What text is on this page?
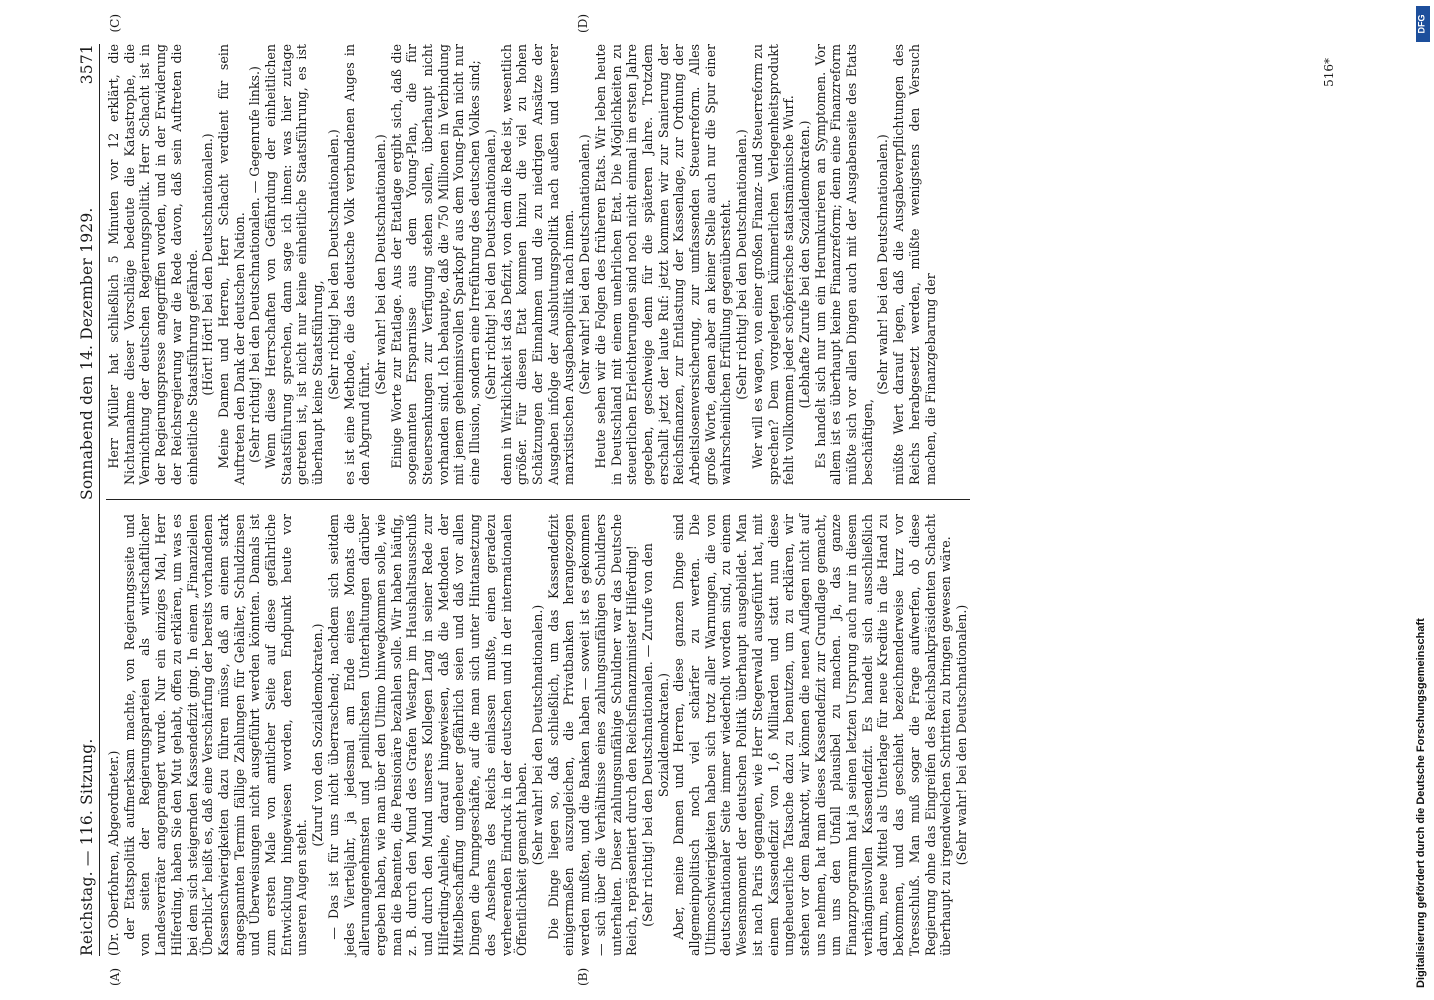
Reichstag. — 116. Sitzung.
Sonnabend den 14. Dezember 1929.
3571

(Dr. Oberfohren, Abgeordneter.) der Etatspolitik aufmerksam machte, von Regierungsseite und von seiten der Regierungsparteien als wirtschaftlicher Landesverräter angeprangert wurde. Nur ein einziges Mal, Herr Hilferding, haben Sie den Mut gehabt, offen zu erklären, um was es bei dem sich steigernden Kassendefizit ging. In einem „Finanziellen Überblick“ heißt es, daß eine Verschärfung der bereits vorhandenen Kassenschwierigkeiten dazu führen müsse, daß an einem stark angespannten Termin fällige Zahlungen für Gehälter, Schuldzinsen und Überweisungen nicht ausgeführt werden könnten. Damals ist zum ersten Male von amtlicher Seite auf diese gefährliche Entwicklung hingewiesen worden, deren Endpunkt heute vor unseren Augen steht.

(Zuruf von den Sozialdemokraten.) — Das ist für uns nicht überraschend; nachdem sich seitdem jedes Vierteljahr, ja jedesmal am Ende eines Monats die allerunangenehmsten und peinlichsten Unterhaltungen darüber ergeben haben, wie man über den Ultimo hinwegkommen solle, wie man die Beamten, die Pensionäre bezahlen solle. Wir haben häufig, z. B. durch den Mund des Grafen Westarp im Haushaltsausschuß und durch den Mund unseres Kollegen Lang in seiner Rede zur Hilferding-Anleihe, darauf hingewiesen, daß die Methoden der Mittelbeschaffung ungeheuer gefährlich seien und daß vor allen Dingen die Pumpgeschäfte, auf die man sich unter Hintansetzung des Ansehens des Reichs einlassen mußte, einen geradezu verheerenden Eindruck in der deutschen und in der internationalen Öffentlichkeit gemacht haben. (Sehr wahr! bei den Deutschnationalen.) Die Dinge liegen so, daß schließlich, um das Kassendefizit einigermaßen auszugleichen, die Privatbanken herangezogen werden mußten, und die Banken haben — soweit ist es gekommen — sich über die Verhältnisse eines zahlungsunfähigen Schuldners unterhalten. Dieser zahlungsunfähige Schuldner war das Deutsche Reich, repräsentiert durch den Reichsfinanzminister Hilferding! (Sehr richtig! bei den Deutschnationalen. — Zurufe von den Sozialdemokraten.) Aber, meine Damen und Herren, diese ganzen Dinge sind allgemeinpolitisch noch viel schärfer zu werten. Die Ultimoschwierigkeiten haben sich trotz aller Warnungen, die von deutschnationaler Seite immer wiederholt worden sind, zu einem Wesensmoment der deutschen Politik überhaupt ausgebildet. Man ist nach Paris gegangen, wie Herr Stegerwald ausgeführt hat, mit einem Kassendefizit von 1,6 Milliarden und statt nun diese ungeheuerliche Tatsache dazu zu benutzen, um zu erklären, wir stehen vor dem Bankrott, wir können die neuen Auflagen nicht auf uns nehmen, hat man dieses Kassendefizit zur Grundlage gemacht, um uns den Unfall plausibel zu machen. Ja, das ganze Finanzprogramm hat ja seinen letzten Ursprung auch nur in diesem verhängnisvollen Kassendefizit. Es handelt sich ausschließlich darum, neue Mittel als Unterlage für neue Kredite in die Hand zu bekommen, und das geschieht bezeichnenderweise kurz vor Toresschluß. Man muß sogar die Frage aufwerfen, ob diese Regierung ohne das Eingreifen des Reichsbankpräsidenten Schacht überhaupt zu irgendwelchen Schritten zu bringen gewesen wäre. (Sehr wahr! bei den Deutschnationalen.)

Herr Müller hat schließlich 5 Minuten vor 12 erklärt, die Nichtannahme dieser Vorschläge bedeute die Katastrophe, die Vernichtung der deutschen Regierungspolitik. Herr Schacht ist in der Regierungspresse angegriffen worden, und in der Erwiderung der Reichsregierung war die Rede davon, daß sein Auftreten die einheitliche Staatsführung gefährde. (Hört! Hört! bei den Deutschnationalen.) Meine Damen und Herren, Herr Schacht verdient für sein Auftreten den Dank der deutschen Nation. (Sehr richtig! bei den Deutschnationalen. — Gegenrufe links.) Wenn diese Herrschaften von Gefährdung der einheitlichen Staatsführung sprechen, dann sage ich ihnen: was hier zutage getreten ist, ist nicht nur keine einheitliche Staatsführung, es ist überhaupt keine Staatsführung, (Sehr richtig! bei den Deutschnationalen.) es ist eine Methode, die das deutsche Volk verbundenen Auges in den Abgrund führt.

(Sehr wahr! bei den Deutschnationalen.) Einige Worte zur Etatlage. Aus der Etatlage ergibt sich, daß die sogenannten Ersparnisse aus dem Young-Plan, die für Steuersenkungen zur Verfügung stehen sollen, überhaupt nicht vorhanden sind. Ich behaupte, daß die 750 Millionen in Verbindung mit jenem geheimnisvollen Sparkopf aus dem Young-Plan nicht nur eine Illusion, sondern eine Irreführung des deutschen Volkes sind; (Sehr richtig! bei den Deutschnationalen.) denn in Wirklichkeit ist das Defizit, von dem die Rede ist, wesentlich größer. Für diesen Etat kommen hinzu die viel zu hohen Schätzungen der Einnahmen und die zu niedrigen Ansätze der Ausgaben infolge der Ausblutungspolitik nach außen und unserer marxistischen Ausgabenpolitik nach innen. (Sehr wahr! bei den Deutschnationalen.) Heute sehen wir die Folgen des früheren Etats. Wir leben heute in Deutschland mit einem unehrlichen Etat. Die Möglichkeiten zu steuerlichen Erleichterungen sind noch nicht einmal im ersten Jahre gegeben, geschweige denn für die späteren Jahre. Trotzdem erschallt jetzt der laute Ruf: jetzt kommen wir zur Sanierung der Reichsfinanzen, zur Entlastung der Kassenlage, zur Ordnung der Arbeitslosenversicherung, zur umfassenden Steuerreform. Alles große Worte, denen aber an keiner Stelle auch nur die Spur einer wahrscheinlichen Erfüllung gegenübersteht. (Sehr richtig! bei den Deutschnationalen.) Wer will es wagen, von einer großen Finanz- und Steuerreform zu sprechen? Dem vorgelegten kümmerlichen Verlegenheitsprodukt fehlt vollkommen jeder schöpferische staatsmännische Wurf. (Lebhafte Zurufe bei den Sozialdemokraten.) Es handelt sich nur um ein Herumkurieren an Symptomen. Vor allem ist es überhaupt keine Finanzreform; denn eine Finanzreform müßte sich vor allen Dingen auch mit der Ausgabenseite des Etats beschäftigen,

(Sehr wahr! bei den Deutschnationalen.) müßte Wert darauf legen, daß die Ausgabeverpflichtungen des Reichs herabgesetzt werden, müßte wenigstens den Versuch machen, die Finanzgebarung der

(A)	(B)
(C)	(D)
516*
Digitalisierung gefördert durch die Deutsche Forschungsgemeinschaft
DFG
